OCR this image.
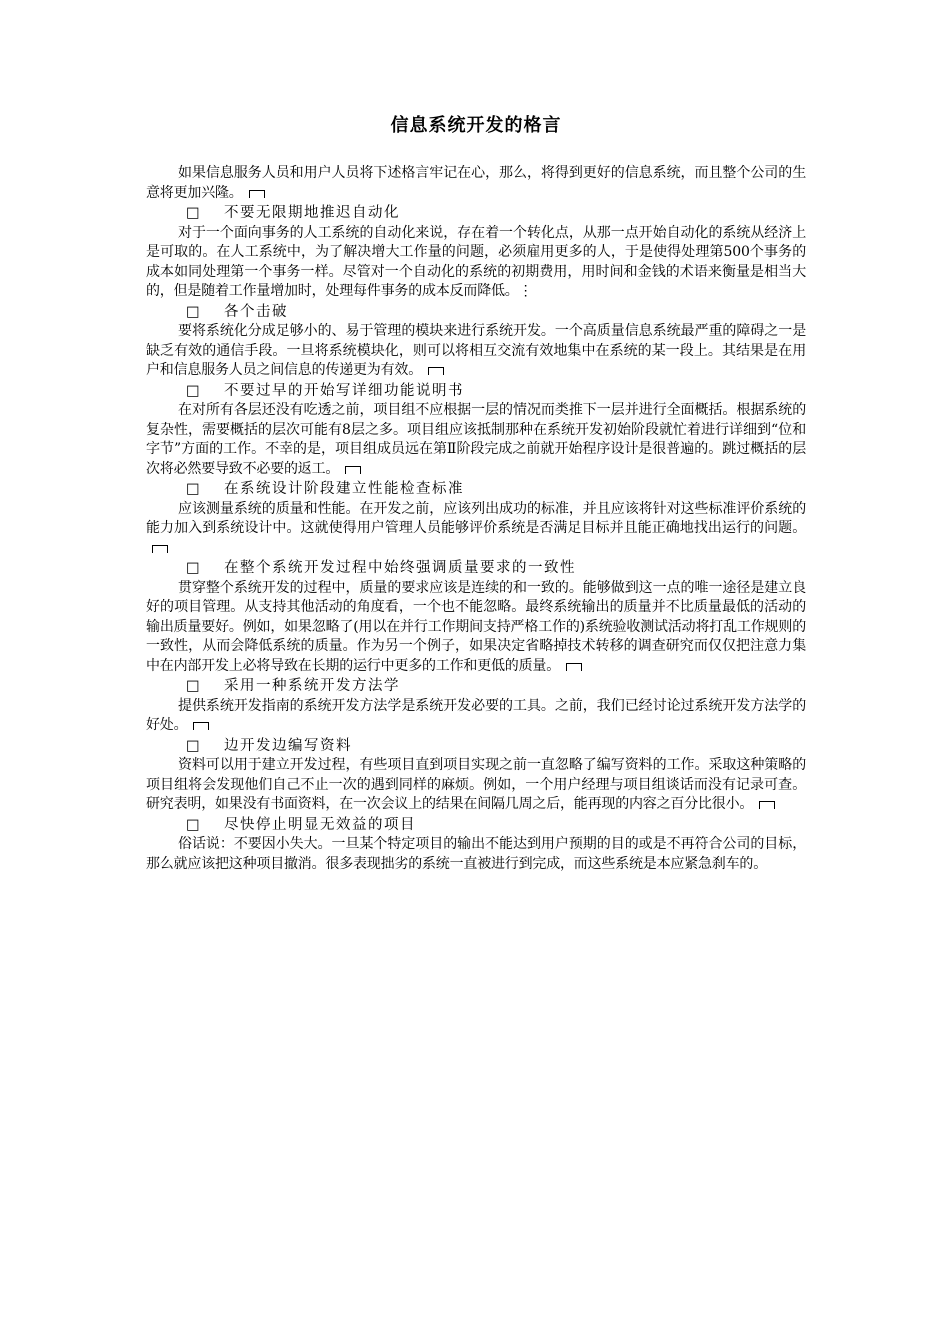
信息系统开发的格言

如果信息服务人员和用户人员将下述格言牢记在心，那么，将得到更好的信息系统，而且整个公司的生意将更加兴隆。

□ 不要无限期地推迟自动化

对于一个面向事务的人工系统的自动化来说，存在着一个转化点，从那一点开始自动化的系统从经济上是可取的。在人工系统中，为了解决增大工作量的问题，必须雇用更多的人，于是使得处理第500个事务的成本如同处理第一个事务一样。尽管对一个自动化的系统的初期费用，用时间和金钱的术语来衡量是相当大的，但是随着工作量增加时，处理每件事务的成本反而降低。⋮

□ 各个击破

要将系统化分成足够小的、易于管理的模块来进行系统开发。一个高质量信息系统最严重的障碍之一是缺乏有效的通信手段。一旦将系统模块化，则可以将相互交流有效地集中在系统的某一段上。其结果是在用户和信息服务人员之间信息的传递更为有效。

□ 不要过早的开始写详细功能说明书

在对所有各层还没有吃透之前，项目组不应根据一层的情况而类推下一层并进行全面概括。根据系统的复杂性，需要概括的层次可能有8层之多。项目组应该抵制那种在系统开发初始阶段就忙着进行详细到“位和字节”方面的工作。不幸的是，项目组成员远在第Ⅱ阶段完成之前就开始程序设计是很普遍的。跳过概括的层次将必然要导致不必要的返工。

□ 在系统设计阶段建立性能检查标准

应该测量系统的质量和性能。在开发之前，应该列出成功的标准，并且应该将针对这些标准评价系统的能力加入到系统设计中。这就使得用户管理人员能够评价系统是否满足目标并且能正确地找出运行的问题。

□ 在整个系统开发过程中始终强调质量要求的一致性

贯穿整个系统开发的过程中，质量的要求应该是连续的和一致的。能够做到这一点的唯一途径是建立良好的项目管理。从支持其他活动的角度看，一个也不能忽略。最终系统输出的质量并不比质量最低的活动的输出质量要好。例如，如果忽略了(用以在并行工作期间支持严格工作的)系统验收测试活动将打乱工作规则的一致性，从而会降低系统的质量。作为另一个例子，如果决定省略掉技术转移的调查研究而仅仅把注意力集中在内部开发上必将导致在长期的运行中更多的工作和更低的质量。

□ 采用一种系统开发方法学

提供系统开发指南的系统开发方法学是系统开发必要的工具。之前，我们已经讨论过系统开发方法学的好处。

□ 边开发边编写资料

资料可以用于建立开发过程，有些项目直到项目实现之前一直忽略了编写资料的工作。采取这种策略的项目组将会发现他们自己不止一次的遇到同样的麻烦。例如，一个用户经理与项目组谈话而没有记录可查。研究表明，如果没有书面资料，在一次会议上的结果在间隔几周之后，能再现的内容之百分比很小。

□ 尽快停止明显无效益的项目

俗话说：不要因小失大。一旦某个特定项目的输出不能达到用户预期的目的或是不再符合公司的目标，那么就应该把这种项目撤消。很多表现拙劣的系统一直被进行到完成，而这些系统是本应紧急刹车的。
